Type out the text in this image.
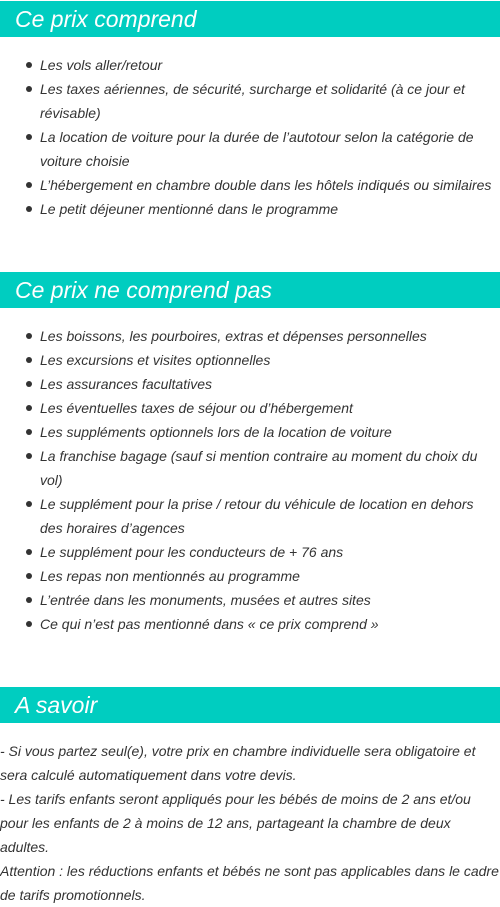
Ce prix comprend
Les vols aller/retour
Les taxes aériennes, de sécurité, surcharge et solidarité (à ce jour et révisable)
La location de voiture pour la durée de l’autotour selon la catégorie de voiture choisie
L’hébergement en chambre double dans les hôtels indiqués ou similaires
Le petit déjeuner mentionné dans le programme
Ce prix ne comprend pas
Les boissons, les pourboires, extras et dépenses personnelles
Les excursions et visites optionnelles
Les assurances facultatives
Les éventuelles taxes de séjour ou d’hébergement
Les suppléments optionnels lors de la location de voiture
La franchise bagage (sauf si mention contraire au moment du choix du vol)
Le supplément pour la prise / retour du véhicule de location en dehors des horaires d’agences
Le supplément pour les conducteurs de + 76 ans
Les repas non mentionnés au programme
L’entrée dans les monuments, musées et autres sites
Ce qui n’est pas mentionné dans « ce prix comprend »
A savoir

- Si vous partez seul(e), votre prix en chambre individuelle sera obligatoire et sera calculé automatiquement dans votre devis.

- Les tarifs enfants seront appliqués pour les bébés de moins de 2 ans et/ou pour les enfants de 2 à moins de 12 ans, partageant la chambre de deux adultes.

Attention : les réductions enfants et bébés ne sont pas applicables dans le cadre de tarifs promotionnels.
